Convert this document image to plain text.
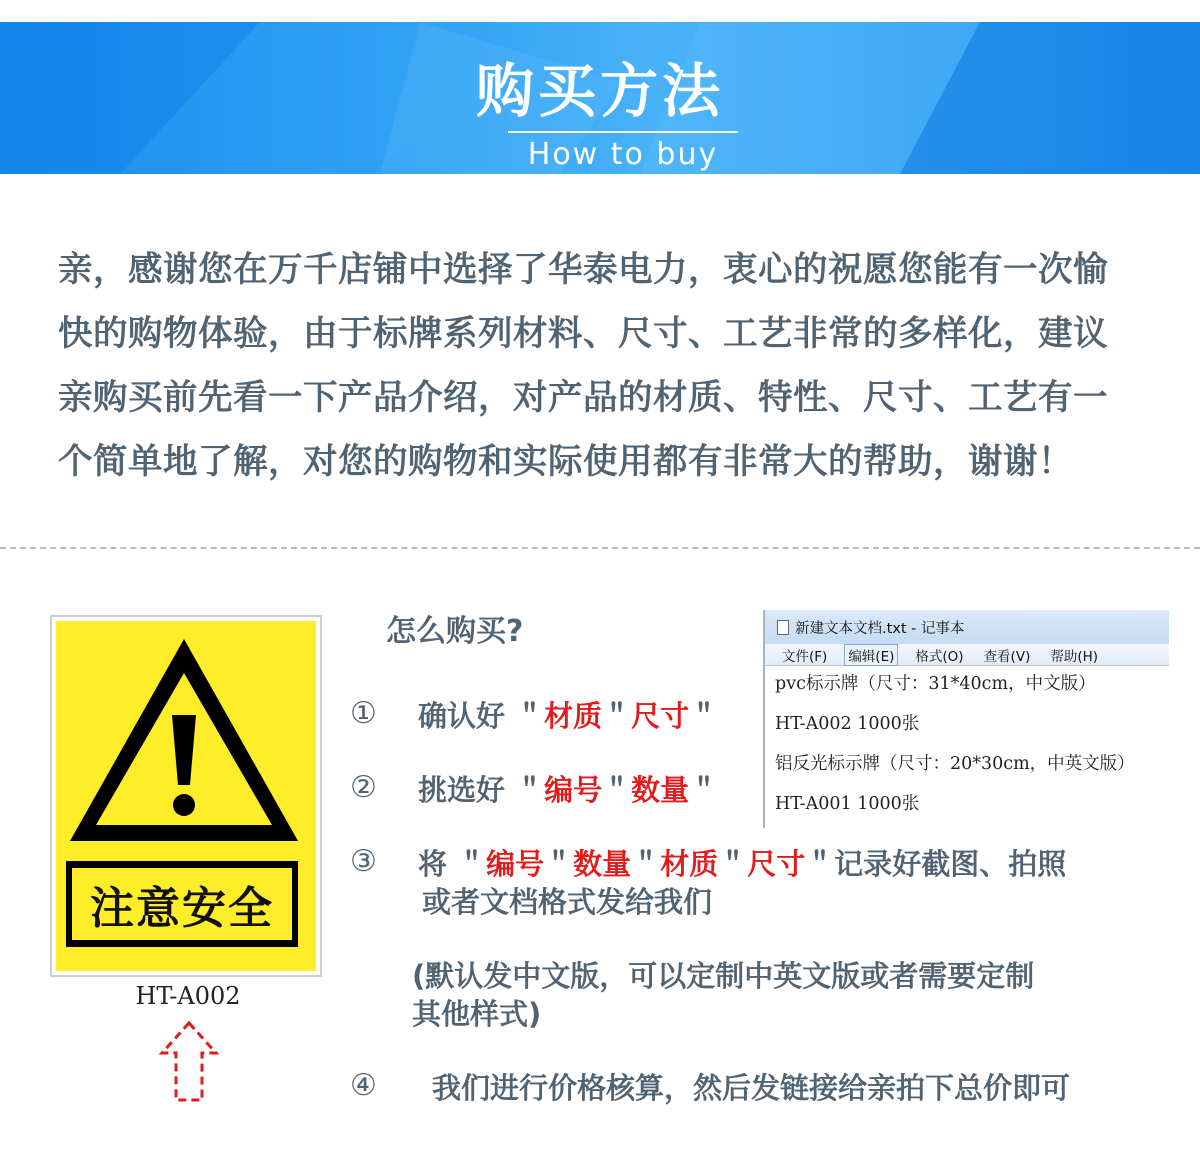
购买方法
How to buy
亲，感谢您在万千店铺中选择了华泰电力，衷心的祝愿您能有一次愉
快的购物体验，由于标牌系列材料、尺寸、工艺非常的多样化，建议
亲购买前先看一下产品介绍，对产品的材质、特性、尺寸、工艺有一
个简单地了解，对您的购物和实际使用都有非常大的帮助，谢谢！
注意安全
HT-A002
怎么购买?
① 确认好 ＂材质＂尺寸＂
② 挑选好 ＂编号＂数量＂
③ 将 ＂编号＂数量＂材质＂尺寸＂记录好截图、拍照
或者文档格式发给我们
(默认发中文版，可以定制中英文版或者需要定制
其他样式)
④ 我们进行价格核算，然后发链接给亲拍下总价即可
新建文本文档.txt - 记事本
文件(F) 编辑(E) 格式(O) 查看(V) 帮助(H)
pvc标示牌（尺寸：31*40cm，中文版）
HT-A002 1000张
铝反光标示牌（尺寸：20*30cm，中英文版）
HT-A001 1000张
